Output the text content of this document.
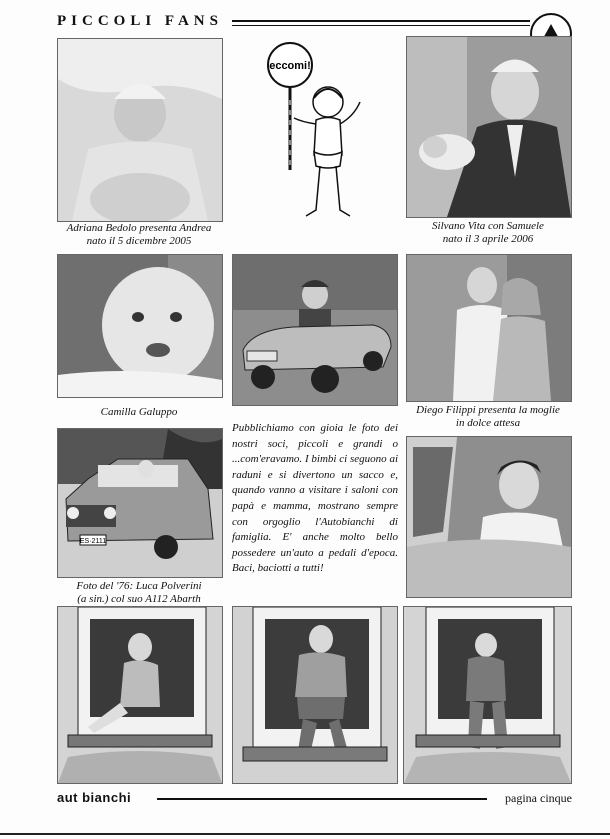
PICCOLI FANS
Adriana Bedolo presenta Andrea
nato il 5 dicembre 2005
eccomi!
Silvano Vita con Samuele
nato il 3 aprile 2006
Camilla Galuppo	Diego Filippi presenta la moglie
in dolce attesa
ES·2111
Foto del '76: Luca Polverini
(a sin.) col suo A112 Abarth
Pubblichiamo con gioia le foto dei nostri soci, piccoli e grandi o ...com'eravamo. I bimbi ci seguono ai raduni e si divertono un sacco e, quando vanno a visitare i saloni con papà e mamma, mostrano sempre con orgoglio l'Autobianchi di famiglia. E' anche molto bello possedere un'auto a pedali d'epoca. Baci, baciotti a tutti!
aut bianchi	pagina cinque
